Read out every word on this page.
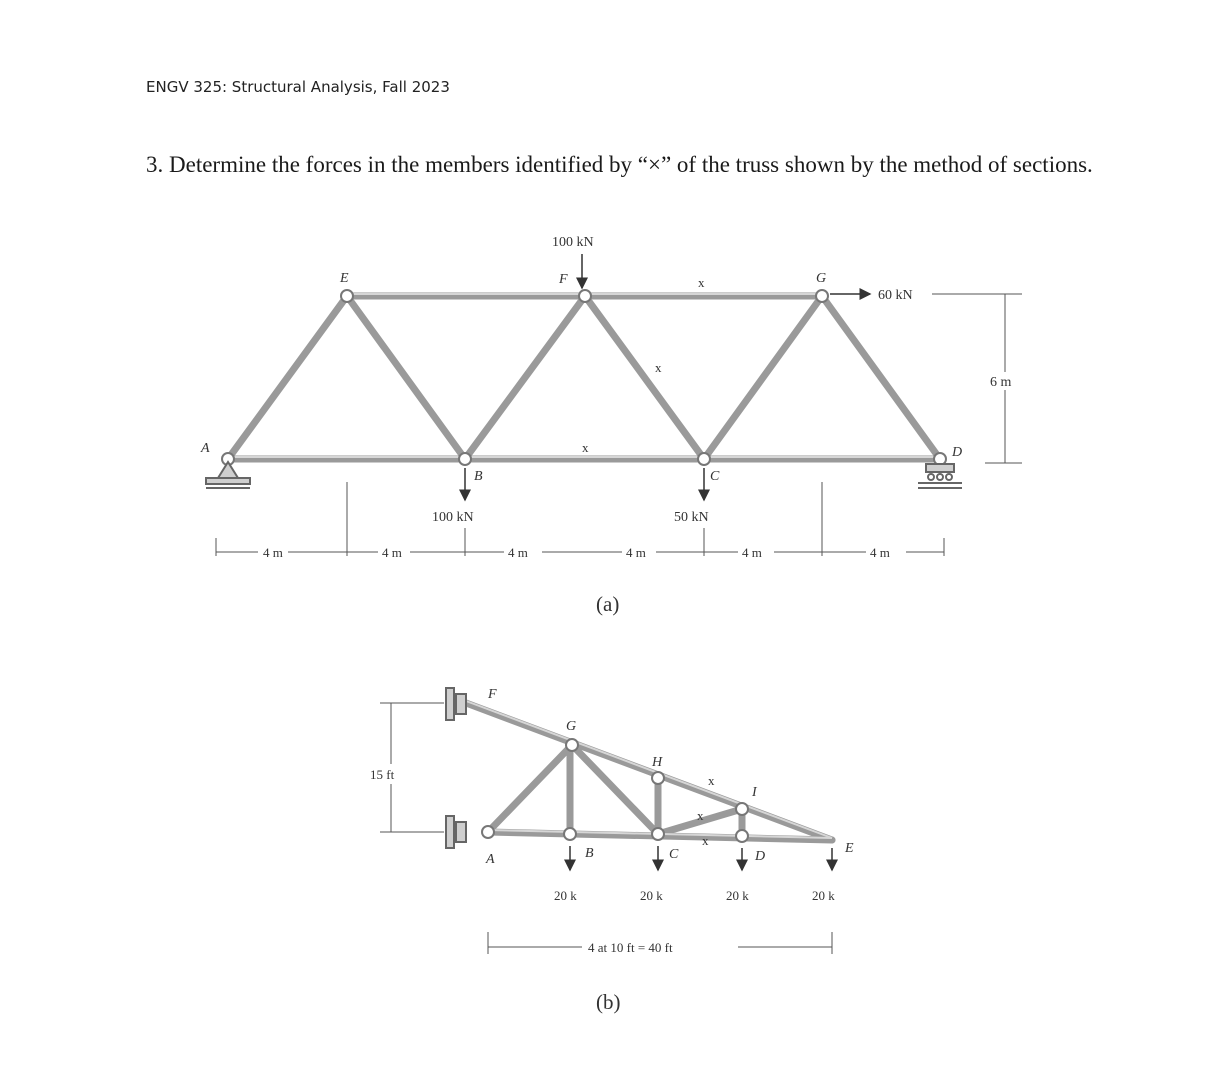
ENGV 325: Structural Analysis, Fall 2023
3. Determine the forces in the members identified by “×” of the truss shown by the method of sections.
A
B	C
D
E	F	G
x
x
x
100 kN
100 kN	50 kN
60 kN
6 m
4 m	4 m	4 m	4 m	4 m	4 m
(a)
15 ft
F
G
H
I
A	B	C	D
E
x
x
x
20 k	20 k	20 k	20 k
4 at 10 ft = 40 ft
(b)
